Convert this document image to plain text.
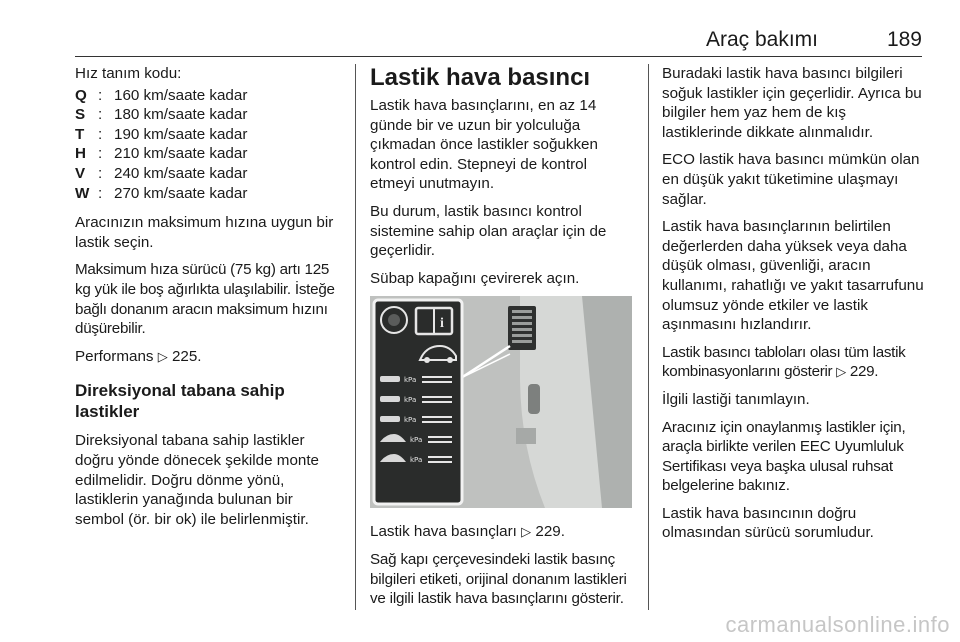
Araç bakımı	189

Hız tanım kodu:

Q	:	160 km/saate kadar
S	:	180 km/saate kadar
T	:	190 km/saate kadar
H	:	210 km/saate kadar
V	:	240 km/saate kadar
W	:	270 km/saate kadar

Aracınızın maksimum hızına uygun bir lastik seçin.

Maksimum hıza sürücü (75 kg) artı 125 kg yük ile boş ağırlıkta ulaşılabilir. İsteğe bağlı donanım aracın maksimum hızını düşürebilir.

Performans ▷ 225.

Direksiyonal tabana sahip lastikler

Direksiyonal tabana sahip lastikler doğru yönde dönecek şekilde monte edilmelidir. Doğru dönme yönü, lastiklerin yanağında bulunan bir sembol (ör. bir ok) ile belirlenmiştir.

Lastik hava basıncı

Lastik hava basınçlarını, en az 14 günde bir ve uzun bir yolculuğa çıkmadan önce lastikler soğukken kontrol edin. Stepneyi de kontrol etmeyi unutmayın.

Bu durum, lastik basıncı kontrol sistemine sahip olan araçlar için de geçerlidir.

Sübap kapağını çevirerek açın.

i
kPa
kPa
kPa
kPa
kPa

Lastik hava basınçları ▷ 229.

Sağ kapı çerçevesindeki lastik basınç bilgileri etiketi, orijinal donanım lastikleri ve ilgili lastik hava basınçlarını gösterir.

Buradaki lastik hava basıncı bilgileri soğuk lastikler için geçerlidir. Ayrıca bu bilgiler hem yaz hem de kış lastiklerinde dikkate alınmalıdır.

ECO lastik hava basıncı mümkün olan en düşük yakıt tüketimine ulaşmayı sağlar.

Lastik hava basınçlarının belirtilen değerlerden daha yüksek veya daha düşük olması, güvenliği, aracın kullanımı, rahatlığı ve yakıt tasarrufunu olumsuz yönde etkiler ve lastik aşınmasını hızlandırır.

Lastik basıncı tabloları olası tüm lastik kombinasyonlarını gösterir ▷ 229.

İlgili lastiği tanımlayın.

Aracınız için onaylanmış lastikler için, araçla birlikte verilen EEC Uyumluluk Sertifikası veya başka ulusal ruhsat belgelerine bakınız.

Lastik hava basıncının doğru olmasından sürücü sorumludur.

carmanualsonline.info
